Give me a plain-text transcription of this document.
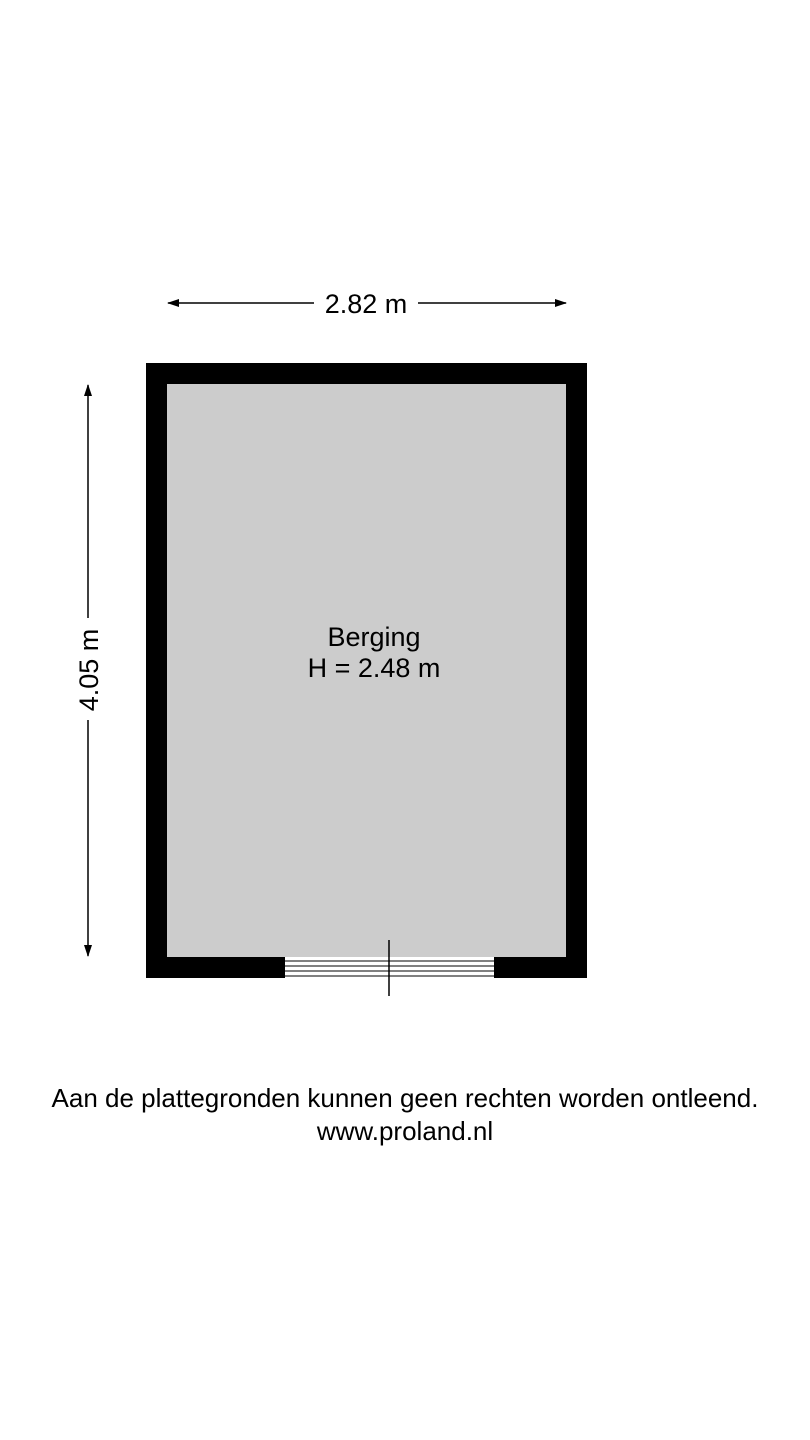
2.82 m
4.05 m	Berging
H = 2.48 m
Aan de plattegronden kunnen geen rechten worden ontleend.
www.proland.nl
